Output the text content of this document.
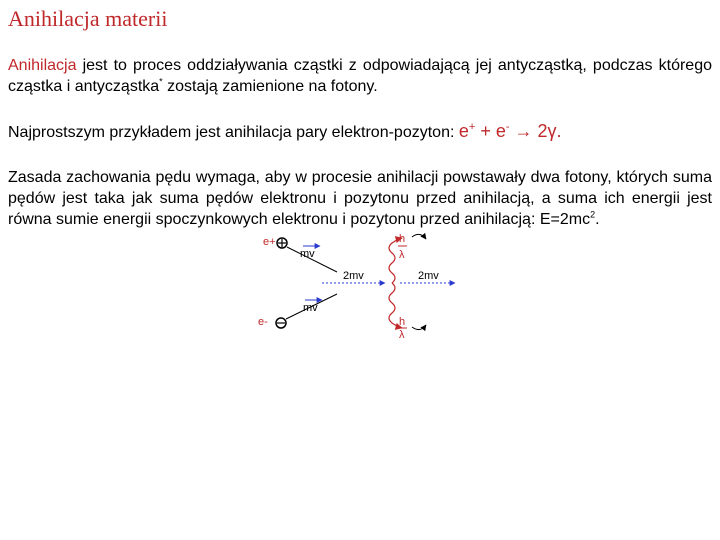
Anihilacja materii
Anihilacja jest to proces oddziaływania cząstki z odpowiadającą jej antycząstką, podczas którego cząstka i antycząstka* zostają zamienione na fotony.
Najprostszym przykładem jest anihilacja pary elektron-pozyton: e+ + e- → 2γ.
Zasada zachowania pędu wymaga, aby w procesie anihilacji powstawały dwa fotony, których suma pędów jest taka jak suma pędów elektronu i pozytonu przed anihilacją, a suma ich energii jest równa sumie energii spoczynkowych elektronu i pozytonu przed anihilacją: $E=2mc^2$.
e+
mv
e-
mv
2mv	2mv
h
λ
h
λ
